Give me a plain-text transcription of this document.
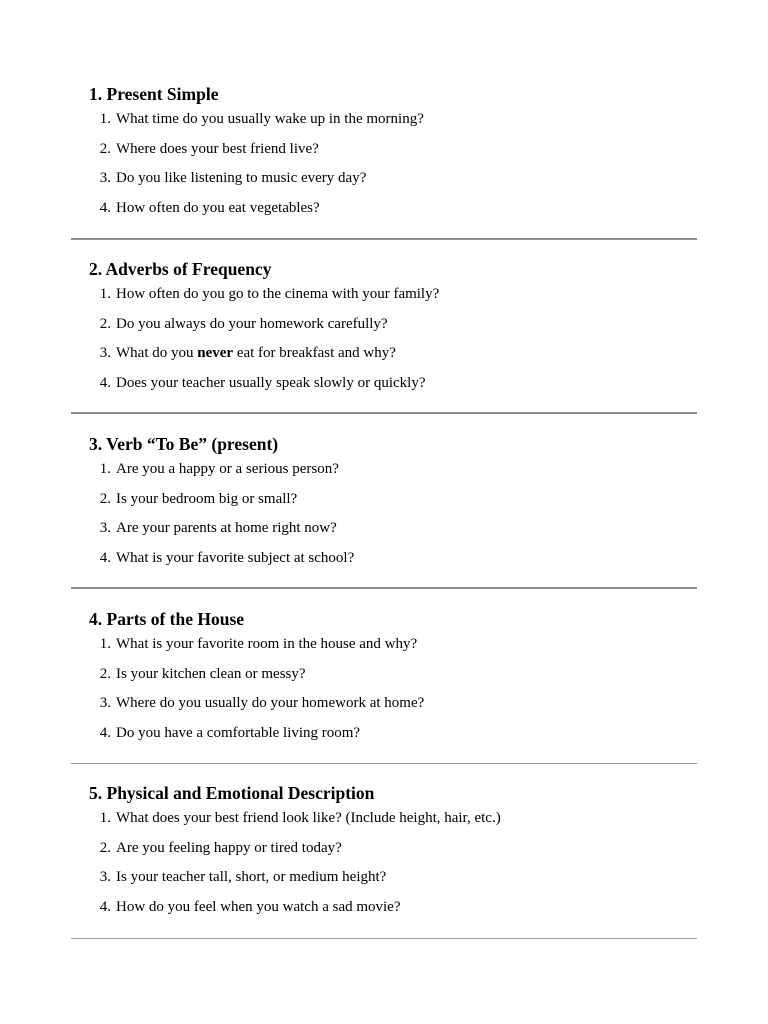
1. Present Simple
1. What time do you usually wake up in the morning?
2. Where does your best friend live?
3. Do you like listening to music every day?
4. How often do you eat vegetables?
2. Adverbs of Frequency
1. How often do you go to the cinema with your family?
2. Do you always do your homework carefully?
3. What do you never eat for breakfast and why?
4. Does your teacher usually speak slowly or quickly?
3. Verb “To Be” (present)
1. Are you a happy or a serious person?
2. Is your bedroom big or small?
3. Are your parents at home right now?
4. What is your favorite subject at school?
4. Parts of the House
1. What is your favorite room in the house and why?
2. Is your kitchen clean or messy?
3. Where do you usually do your homework at home?
4. Do you have a comfortable living room?
5. Physical and Emotional Description
1. What does your best friend look like? (Include height, hair, etc.)
2. Are you feeling happy or tired today?
3. Is your teacher tall, short, or medium height?
4. How do you feel when you watch a sad movie?
